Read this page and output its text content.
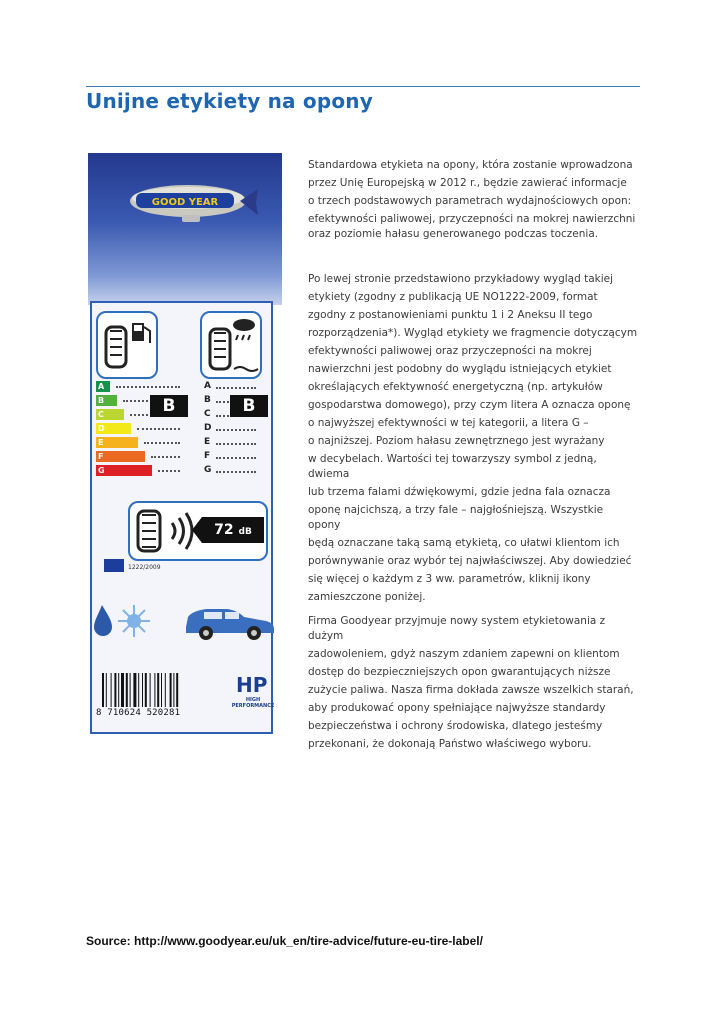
Unijne etykiety na opony
GOOD YEAR
A
B
C
D
E
F
G
B
A
B
C
D
E
F
G
B
72 dB
1222/2009
8 710624 520281
HP
HIGH
PERFORMANCE
Standardowa etykieta na opony, która zostanie wprowadzona
przez Unię Europejską w 2012 r., będzie zawierać informacje
o trzech podstawowych parametrach wydajnościowych opon:
efektywności paliwowej, przyczepności na mokrej nawierzchni
oraz poziomie hałasu generowanego podczas toczenia.
Po lewej stronie przedstawiono przykładowy wygląd takiej
etykiety (zgodny z publikacją UE NO1222-2009, format
zgodny z postanowieniami punktu 1 i 2 Aneksu II tego
rozporządzenia*). Wygląd etykiety we fragmencie dotyczącym
efektywności paliwowej oraz przyczepności na mokrej
nawierzchni jest podobny do wyglądu istniejących etykiet
określających efektywność energetyczną (np. artykułów
gospodarstwa domowego), przy czym litera A oznacza oponę
o najwyższej efektywności w tej kategorii, a litera G –
o najniższej. Poziom hałasu zewnętrznego jest wyrażany
w decybelach. Wartości tej towarzyszy symbol z jedną,
dwiema
lub trzema falami dźwiękowymi, gdzie jedna fala oznacza
oponę najcichszą, a trzy fale – najgłośniejszą. Wszystkie
opony
będą oznaczane taką samą etykietą, co ułatwi klientom ich
porównywanie oraz wybór tej najwłaściwszej. Aby dowiedzieć
się więcej o każdym z 3 ww. parametrów, kliknij ikony
zamieszczone poniżej.
Firma Goodyear przyjmuje nowy system etykietowania z
dużym
zadowoleniem, gdyż naszym zdaniem zapewni on klientom
dostęp do bezpieczniejszych opon gwarantujących niższe
zużycie paliwa. Nasza firma dokłada zawsze wszelkich starań,
aby produkować opony spełniające najwyższe standardy
bezpieczeństwa i ochrony środowiska, dlatego jesteśmy
przekonani, że dokonają Państwo właściwego wyboru.
Source: http://www.goodyear.eu/uk_en/tire-advice/future-eu-tire-label/
